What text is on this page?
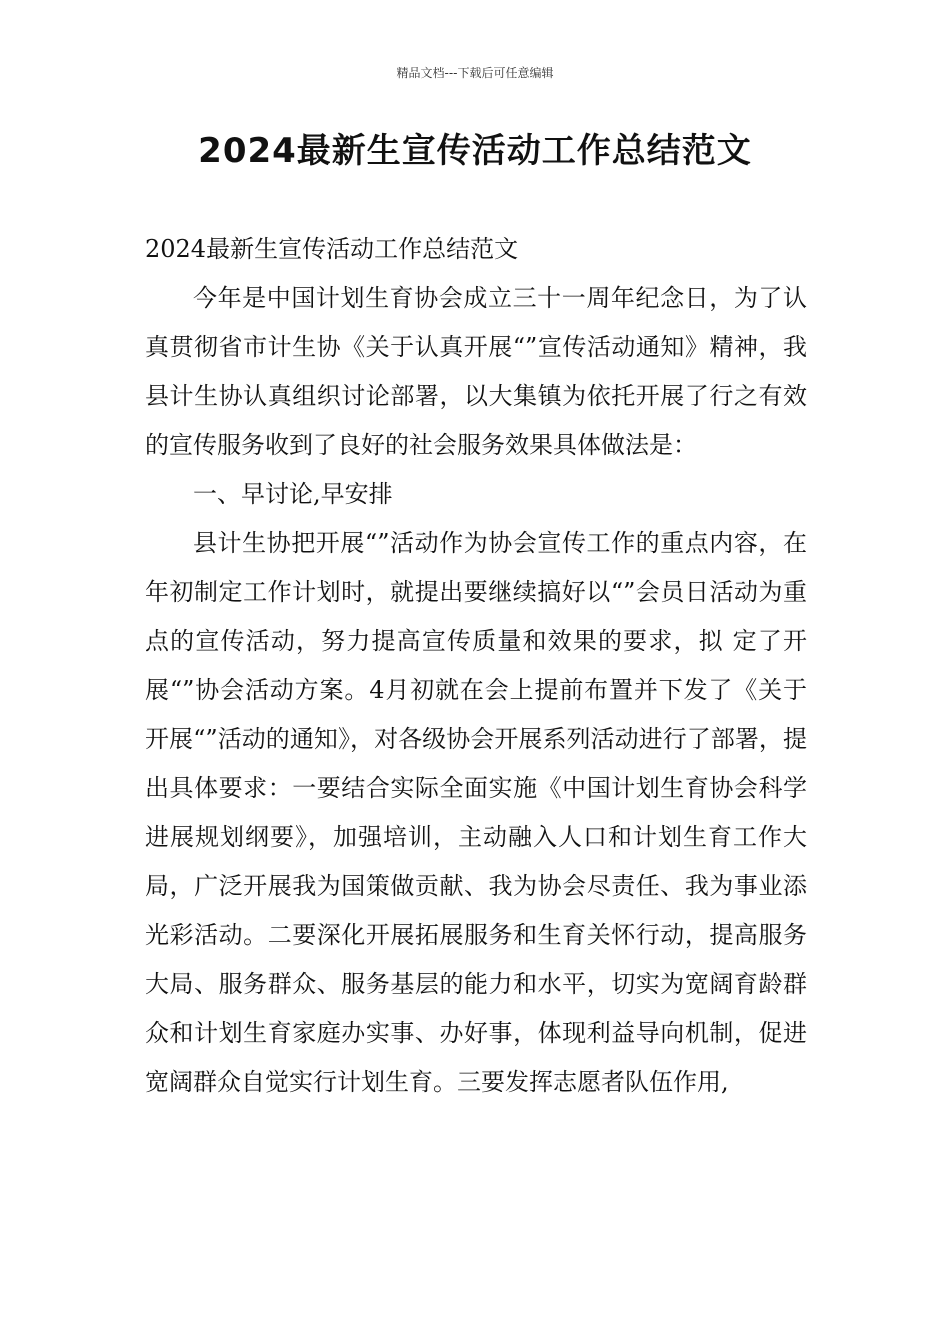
精品文档---下载后可任意编辑
2024最新生宣传活动工作总结范文

2024最新生宣传活动工作总结范文

今年是中国计划生育协会成立三十一周年纪念日，为了认真贯彻省市计生协《关于认真开展“”宣传活动通知》精神，我县计生协认真组织讨论部署，以大集镇为依托开展了行之有效的宣传服务收到了良好的社会服务效果具体做法是：

一、早讨论,早安排

县计生协把开展“”活动作为协会宣传工作的重点内容，在年初制定工作计划时，就提出要继续搞好以“”会员日活动为重点的宣传活动，努力提高宣传质量和效果的要求，拟 定了开展“”协会活动方案。4月初就在会上提前布置并下发了《关于开展“”活动的通知》，对各级协会开展系列活动进行了部署，提出具体要求：一要结合实际全面实施《中国计划生育协会科学进展规划纲要》，加强培训，主动融入人口和计划生育工作大局，广泛开展我为国策做贡献、我为协会尽责任、我为事业添光彩活动。二要深化开展拓展服务和生育关怀行动，提高服务大局、服务群众、服务基层的能力和水平，切实为宽阔育龄群众和计划生育家庭办实事、办好事，体现利益导向机制，促进宽阔群众自觉实行计划生育。三要发挥志愿者队伍作用,
